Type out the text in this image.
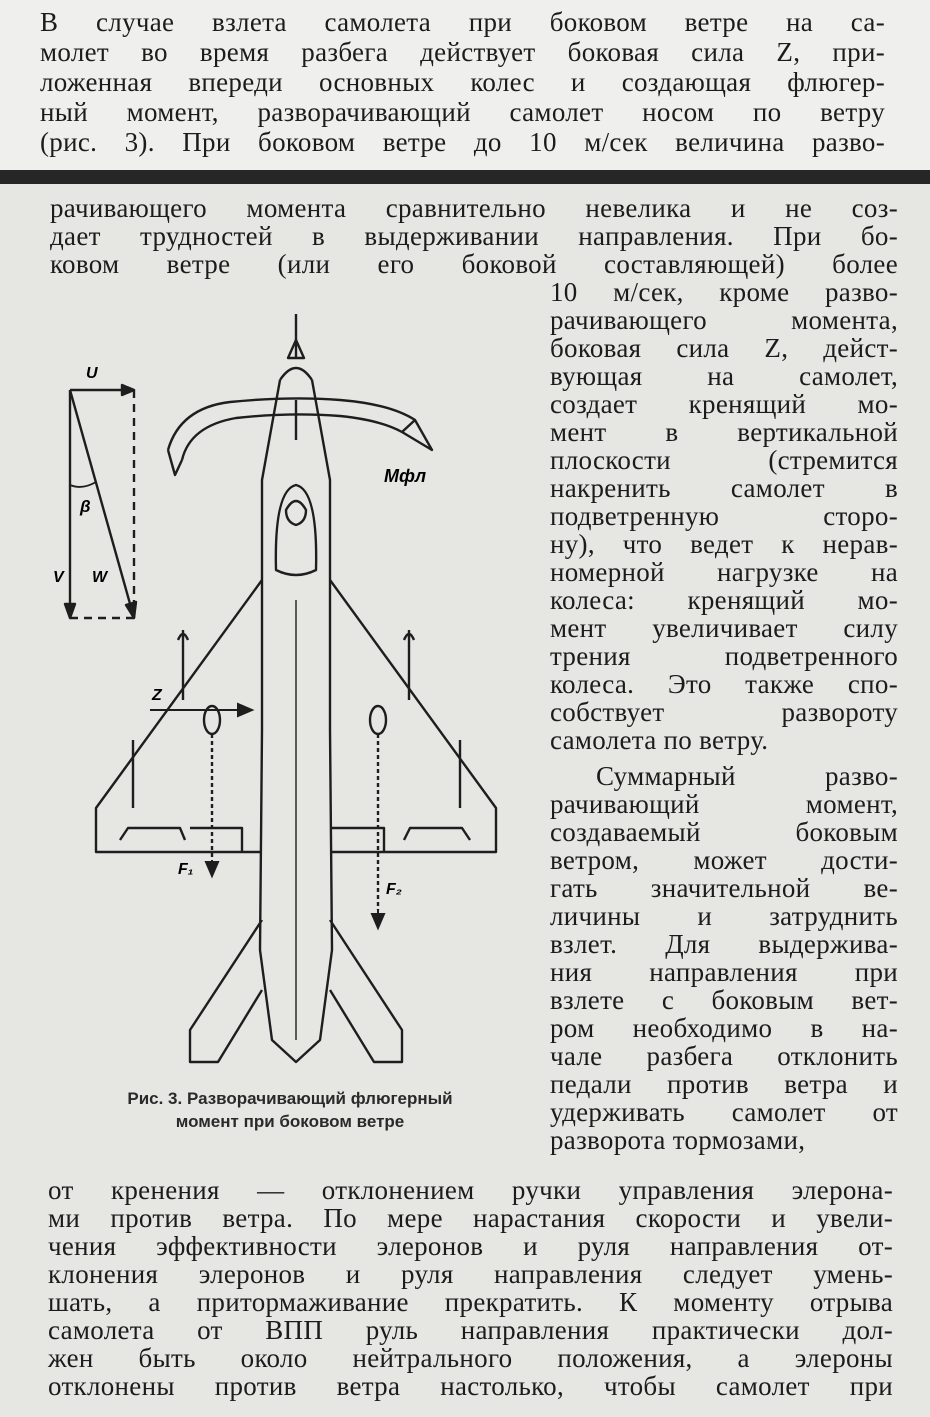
В случае взлета самолета при боковом ветре на са-
молет во время разбега действует боковая сила Z, при-
ложенная впереди основных колес и создающая флюгер-
ный момент, разворачивающий самолет носом по ветру
(рис. 3). При боковом ветре до 10 м/сек величина разво-
рачивающего момента сравнительно невелика и не соз-
дает трудностей в выдерживании направления. При бо-
ковом ветре (или его боковой составляющей) более
10 м/сек, кроме разво-
рачивающего момента,
боковая сила Z, дейст-
вующая на самолет,
создает кренящий мо-
мент в вертикальной
плоскости (стремится
накренить самолет в
подветренную сторо-
ну), что ведет к нерав-
номерной нагрузке на
колеса: кренящий мо-
мент увеличивает силу
трения подветренного
колеса. Это также спо-
собствует развороту
самолета по ветру.
Суммарный разво-
рачивающий момент,
создаваемый боковым
ветром, может дости-
гать значительной ве-
личины и затруднить
взлет. Для выдержива-
ния направления при
взлете с боковым вет-
ром необходимо в на-
чале разбега отклонить
педали против ветра и
удерживать самолет от
разворота тормозами,
U
β
V W
Мфл
Z
F₁
F₂
Рис. 3. Разворачивающий флюгерный
момент при боковом ветре
от кренения — отклонением ручки управления элерона-
ми против ветра. По мере нарастания скорости и увели-
чения эффективности элеронов и руля направления от-
клонения элеронов и руля направления следует умень-
шать, а притормаживание прекратить. К моменту отрыва
самолета от ВПП руль направления практически дол-
жен быть около нейтрального положения, а элероны
отклонены против ветра настолько, чтобы самолет при
